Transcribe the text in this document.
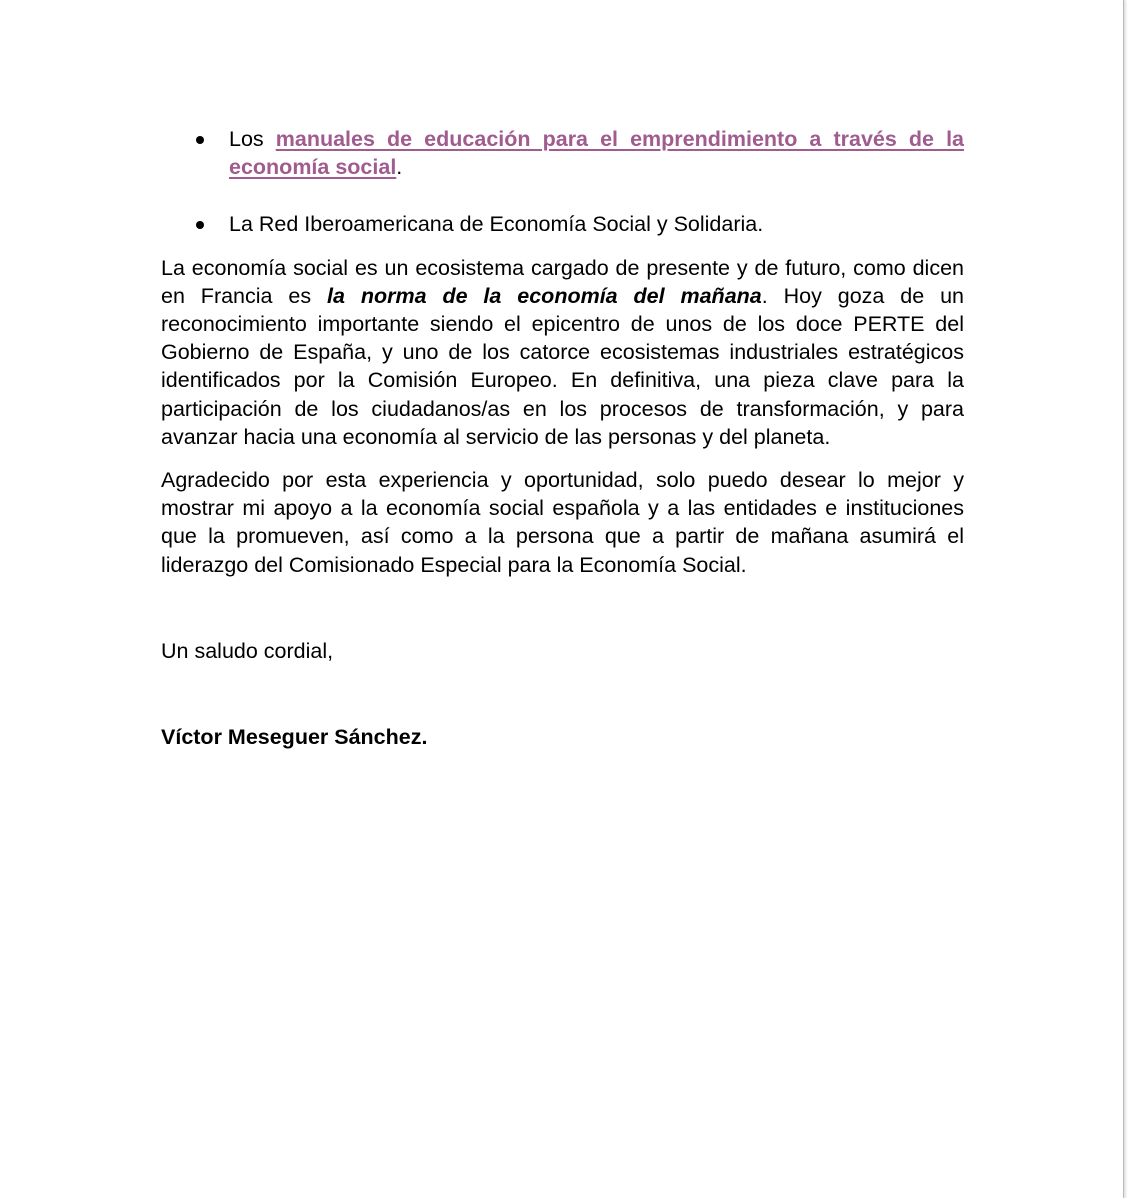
Los manuales de educación para el emprendimiento a través de la economía social.
La Red Iberoamericana de Economía Social y Solidaria.

La economía social es un ecosistema cargado de presente y de futuro, como dicen en Francia es la norma de la economía del mañana. Hoy goza de un reconocimiento importante siendo el epicentro de unos de los doce PERTE del Gobierno de España, y uno de los catorce ecosistemas industriales estratégicos identificados por la Comisión Europeo. En definitiva, una pieza clave para la participación de los ciudadanos/as en los procesos de transformación, y para avanzar hacia una economía al servicio de las personas y del planeta.

Agradecido por esta experiencia y oportunidad, solo puedo desear lo mejor y mostrar mi apoyo a la economía social española y a las entidades e instituciones que la promueven, así como a la persona que a partir de mañana asumirá el liderazgo del Comisionado Especial para la Economía Social.

Un saludo cordial,

Víctor Meseguer Sánchez.
